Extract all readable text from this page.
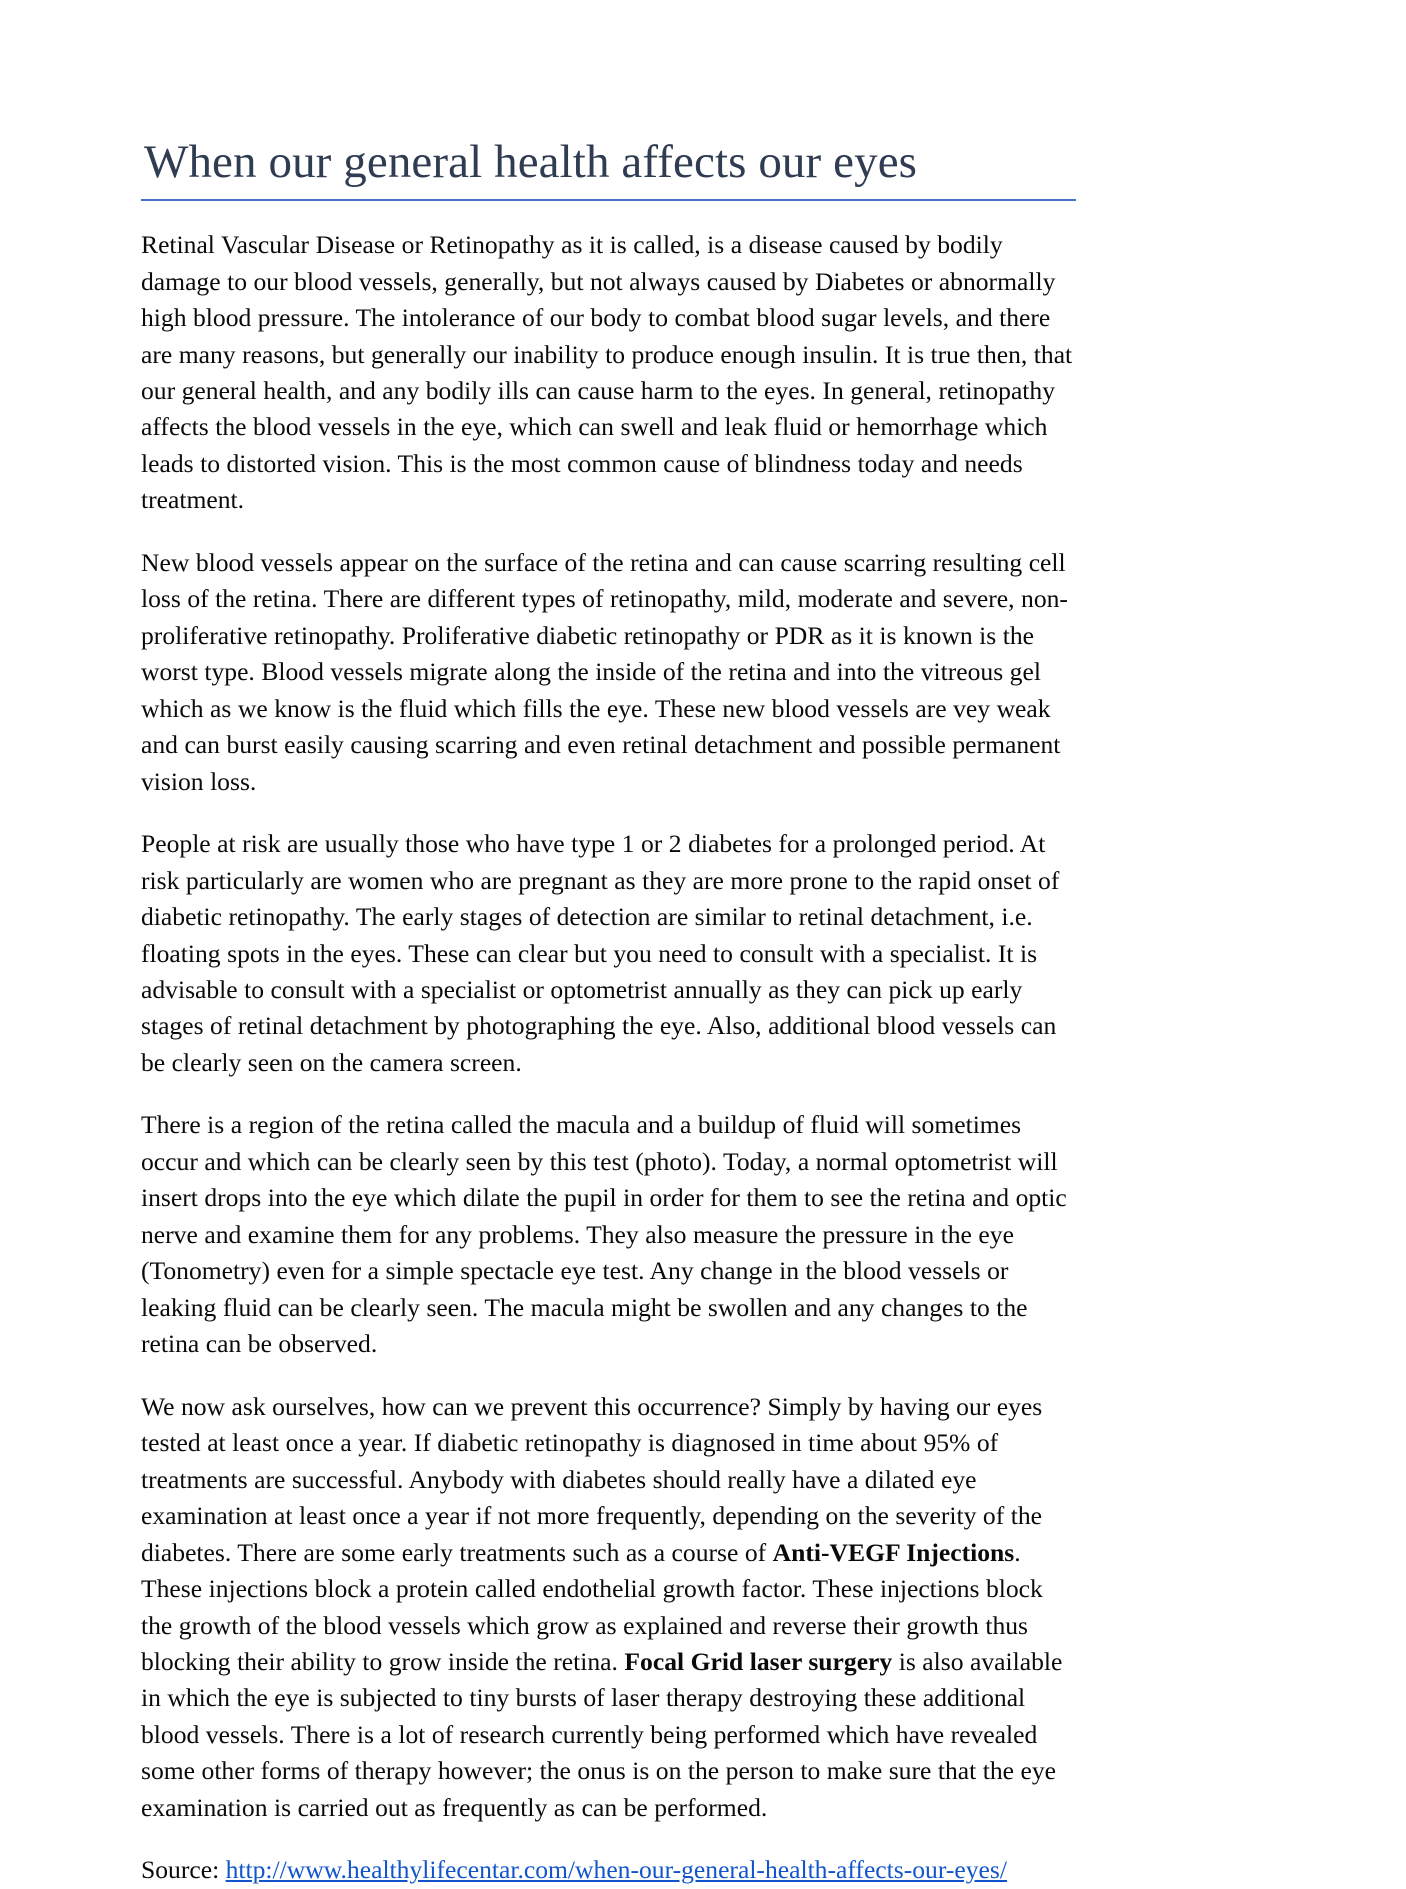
When our general health affects our eyes

Retinal Vascular Disease or Retinopathy as it is called, is a disease caused by bodily damage to our blood vessels, generally, but not always caused by Diabetes or abnormally high blood pressure. The intolerance of our body to combat blood sugar levels, and there are many reasons, but generally our inability to produce enough insulin. It is true then, that our general health, and any bodily ills can cause harm to the eyes. In general, retinopathy affects the blood vessels in the eye, which can swell and leak fluid or hemorrhage which leads to distorted vision. This is the most common cause of blindness today and needs treatment.

New blood vessels appear on the surface of the retina and can cause scarring resulting cell loss of the retina. There are different types of retinopathy, mild, moderate and severe, non-proliferative retinopathy. Proliferative diabetic retinopathy or PDR as it is known is the worst type. Blood vessels migrate along the inside of the retina and into the vitreous gel which as we know is the fluid which fills the eye. These new blood vessels are vey weak and can burst easily causing scarring and even retinal detachment and possible permanent vision loss.

People at risk are usually those who have type 1 or 2 diabetes for a prolonged period. At risk particularly are women who are pregnant as they are more prone to the rapid onset of diabetic retinopathy. The early stages of detection are similar to retinal detachment, i.e. floating spots in the eyes. These can clear but you need to consult with a specialist. It is advisable to consult with a specialist or optometrist annually as they can pick up early stages of retinal detachment by photographing the eye. Also, additional blood vessels can be clearly seen on the camera screen.

There is a region of the retina called the macula and a buildup of fluid will sometimes occur and which can be clearly seen by this test (photo). Today, a normal optometrist will insert drops into the eye which dilate the pupil in order for them to see the retina and optic nerve and examine them for any problems. They also measure the pressure in the eye (Tonometry) even for a simple spectacle eye test. Any change in the blood vessels or leaking fluid can be clearly seen. The macula might be swollen and any changes to the retina can be observed.

We now ask ourselves, how can we prevent this occurrence? Simply by having our eyes tested at least once a year. If diabetic retinopathy is diagnosed in time about 95% of treatments are successful. Anybody with diabetes should really have a dilated eye examination at least once a year if not more frequently, depending on the severity of the diabetes. There are some early treatments such as a course of Anti-VEGF Injections. These injections block a protein called endothelial growth factor. These injections block the growth of the blood vessels which grow as explained and reverse their growth thus blocking their ability to grow inside the retina. Focal Grid laser surgery is also available in which the eye is subjected to tiny bursts of laser therapy destroying these additional blood vessels. There is a lot of research currently being performed which have revealed some other forms of therapy however; the onus is on the person to make sure that the eye examination is carried out as frequently as can be performed.

Source: http://www.healthylifecentar.com/when-our-general-health-affects-our-eyes/
